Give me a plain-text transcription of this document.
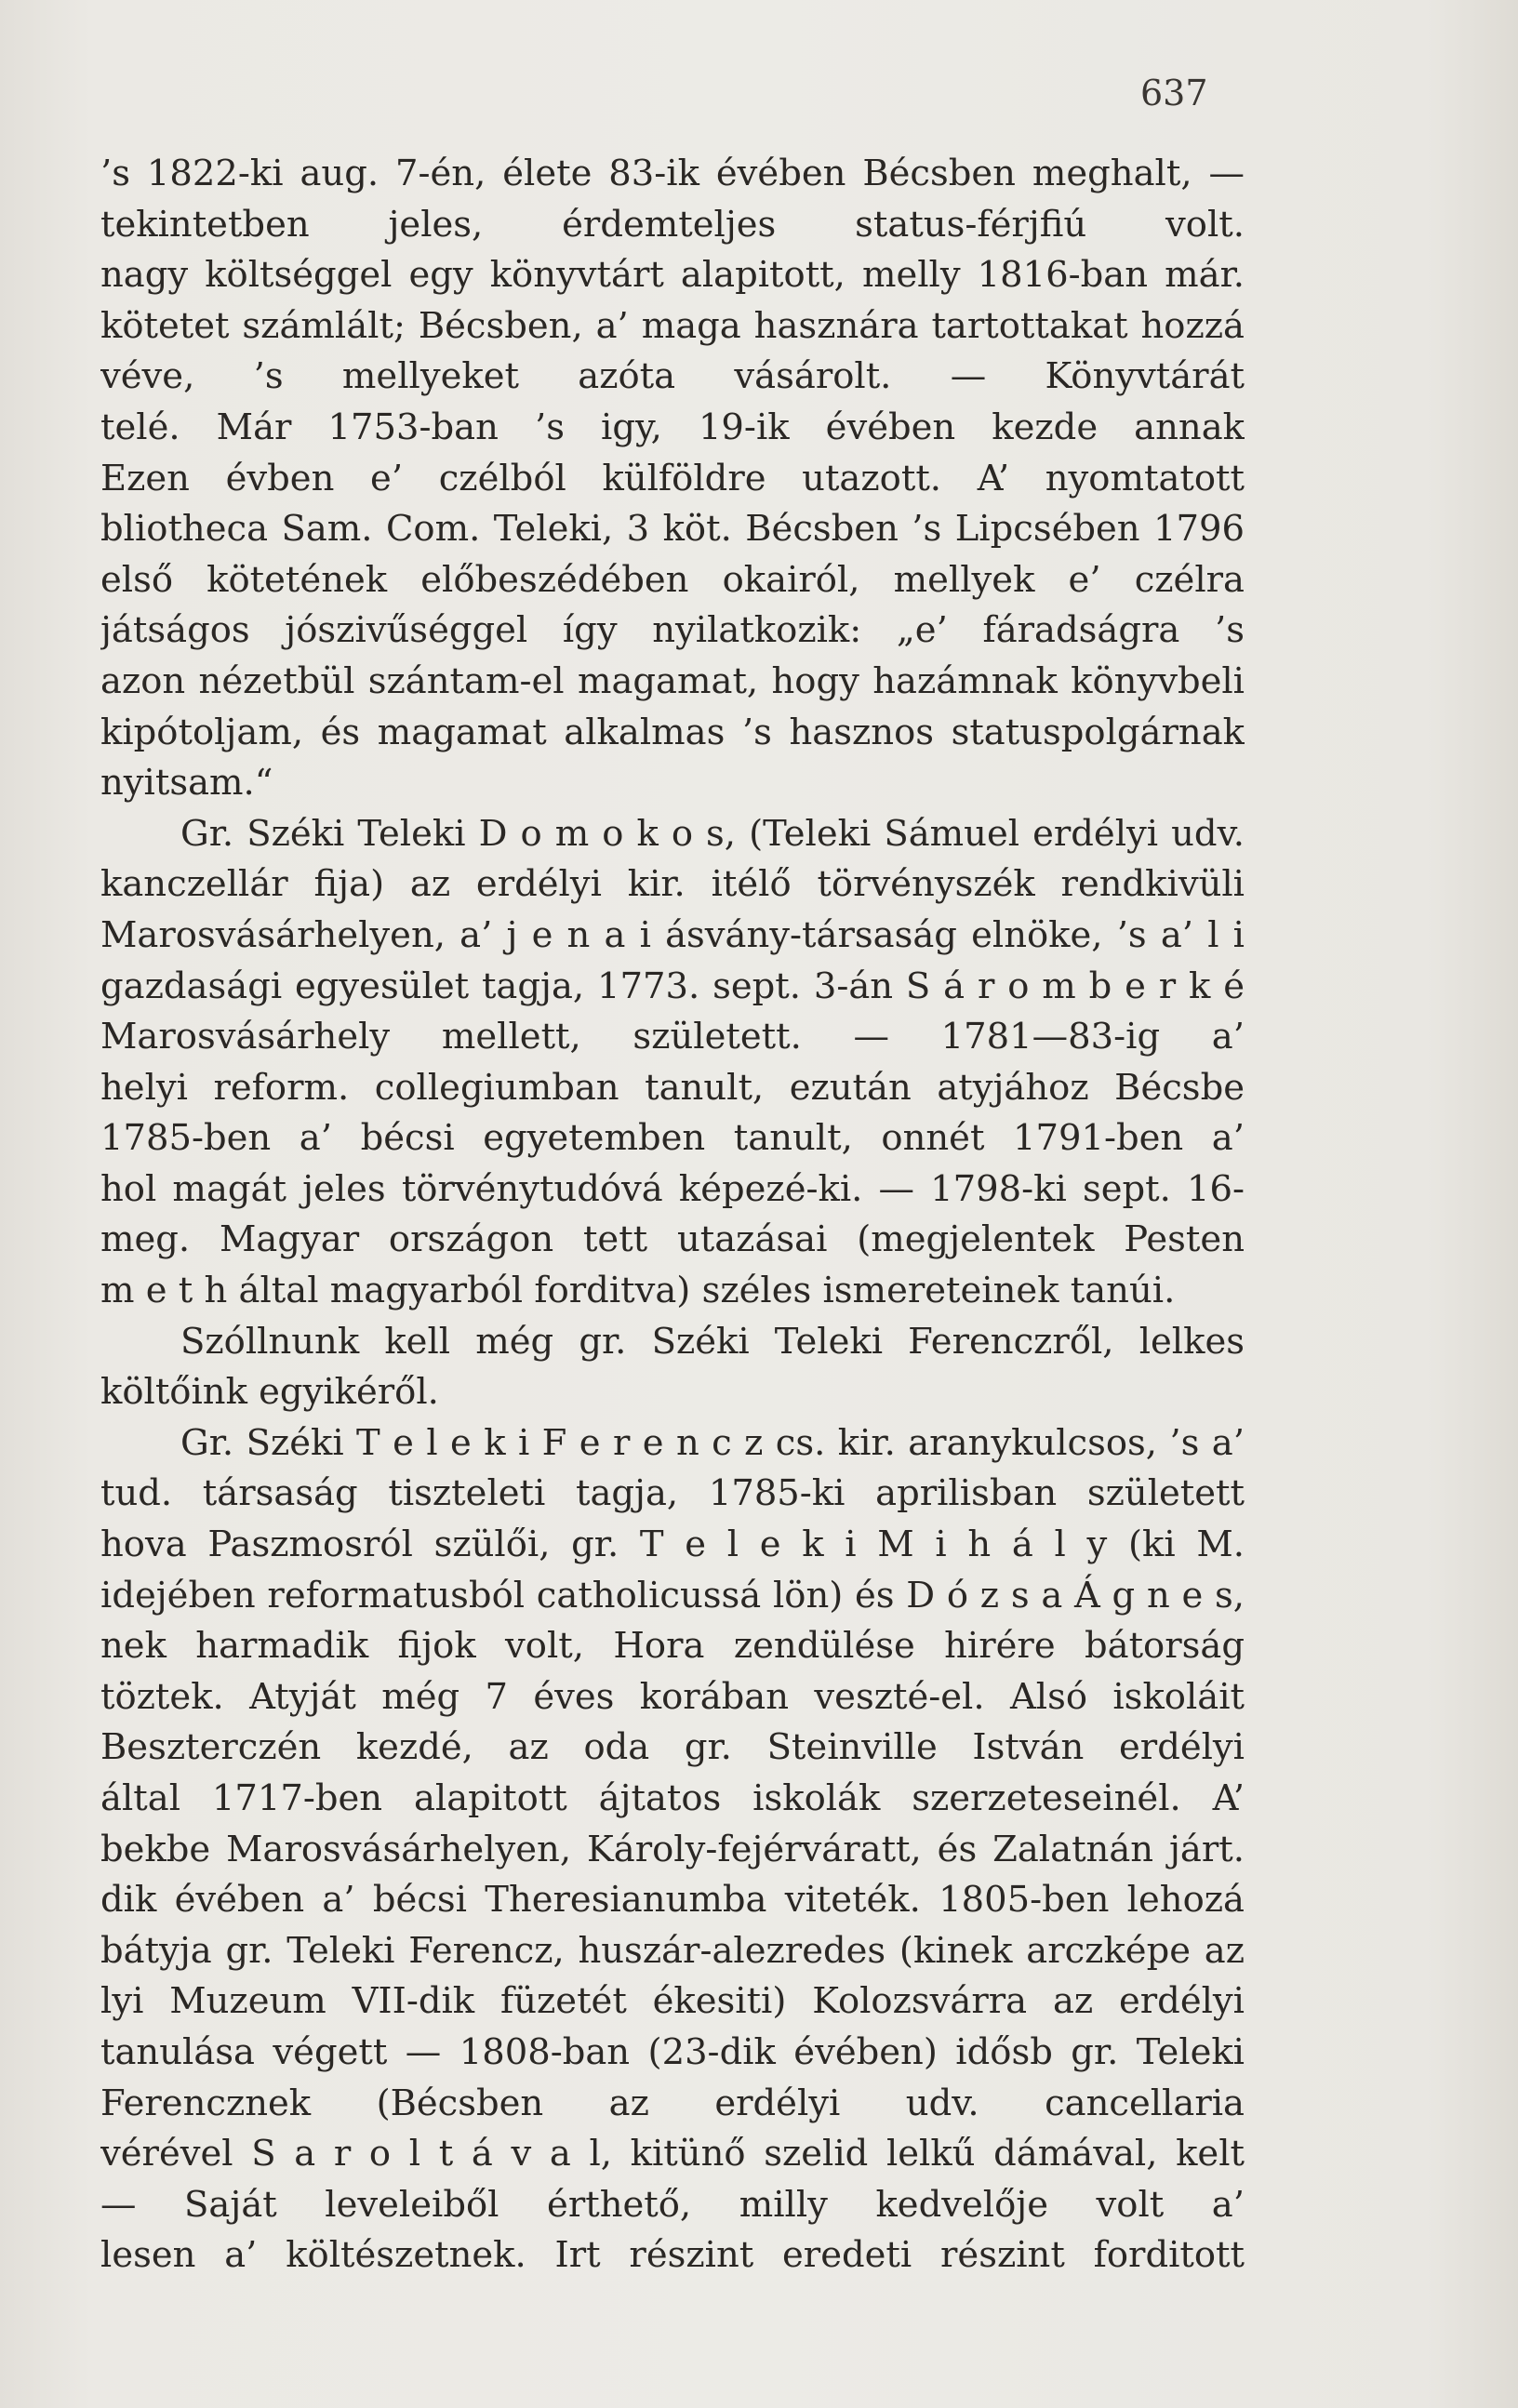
637
’s 1822-ki aug. 7-én, élete 83-ik évében Bécsben meghalt, —
tekintetben jeles, érdemteljes status-férjfiú volt.
nagy költséggel egy könyvtárt alapitott, melly 1816-ban már.
kötetet számlált; Bécsben, a’ maga hasznára tartottakat hozzá
véve, ’s mellyeket azóta vásárolt. — Könyvtárát
telé. Már 1753-ban ’s igy, 19-ik évében kezde annak
Ezen évben e’ czélból külföldre utazott. A’ nyomtatott
bliotheca Sam. Com. Teleki, 3 köt. Bécsben ’s Lipcsében 1796
első kötetének előbeszédében okairól, mellyek e’ czélra
játságos jószivűséggel így nyilatkozik: „e’ fáradságra ’s
azon nézetbül szántam-el magamat, hogy hazámnak könyvbeli
kipótoljam, és magamat alkalmas ’s hasznos statuspolgárnak
nyitsam.“
Gr. Széki Teleki D o m o k o s, (Teleki Sámuel erdélyi udv.
kanczellár fija) az erdélyi kir. itélő törvényszék rendkivüli
Marosvásárhelyen, a’ j e n a i ásvány-társaság elnöke, ’s a’ l i
gazdasági egyesület tagja, 1773. sept. 3-án S á r o m b e r k é
Marosvásárhely mellett, született. — 1781—83-ig a’
helyi reform. collegiumban tanult, ezután atyjához Bécsbe
1785-ben a’ bécsi egyetemben tanult, onnét 1791-ben a’
hol magát jeles törvénytudóvá képezé-ki. — 1798-ki sept. 16-
meg. Magyar országon tett utazásai (megjelentek Pesten
m e t h által magyarból forditva) széles ismereteinek tanúi.
Szóllnunk kell még gr. Széki Teleki Ferenczről, lelkes
költőink egyikéről.
Gr. Széki T e l e k i F e r e n c z cs. kir. aranykulcsos, ’s a’
tud. társaság tiszteleti tagja, 1785-ki aprilisban született
hova Paszmosról szülői, gr. T e l e k i M i h á l y (ki M.
idejében reformatusból catholicussá lön) és D ó z s a Á g n e s,
nek harmadik fijok volt, Hora zendülése hirére bátorság
töztek. Atyját még 7 éves korában veszté-el. Alsó iskoláit
Beszterczén kezdé, az oda gr. Steinville István erdélyi
által 1717-ben alapitott ájtatos iskolák szerzeteseinél. A’
bekbe Marosvásárhelyen, Károly-fejérváratt, és Zalatnán járt.
dik évében a’ bécsi Theresianumba viteték. 1805-ben lehozá
bátyja gr. Teleki Ferencz, huszár-alezredes (kinek arczképe az
lyi Muzeum VII-dik füzetét ékesiti) Kolozsvárra az erdélyi
tanulása végett — 1808-ban (23-dik évében) idősb gr. Teleki
Ferencznek (Bécsben az erdélyi udv. cancellaria
vérével S a r o l t á v a l, kitünő szelid lelkű dámával, kelt
— Saját leveleiből érthető, milly kedvelője volt a’
lesen a’ költészetnek. Irt részint eredeti részint forditott
